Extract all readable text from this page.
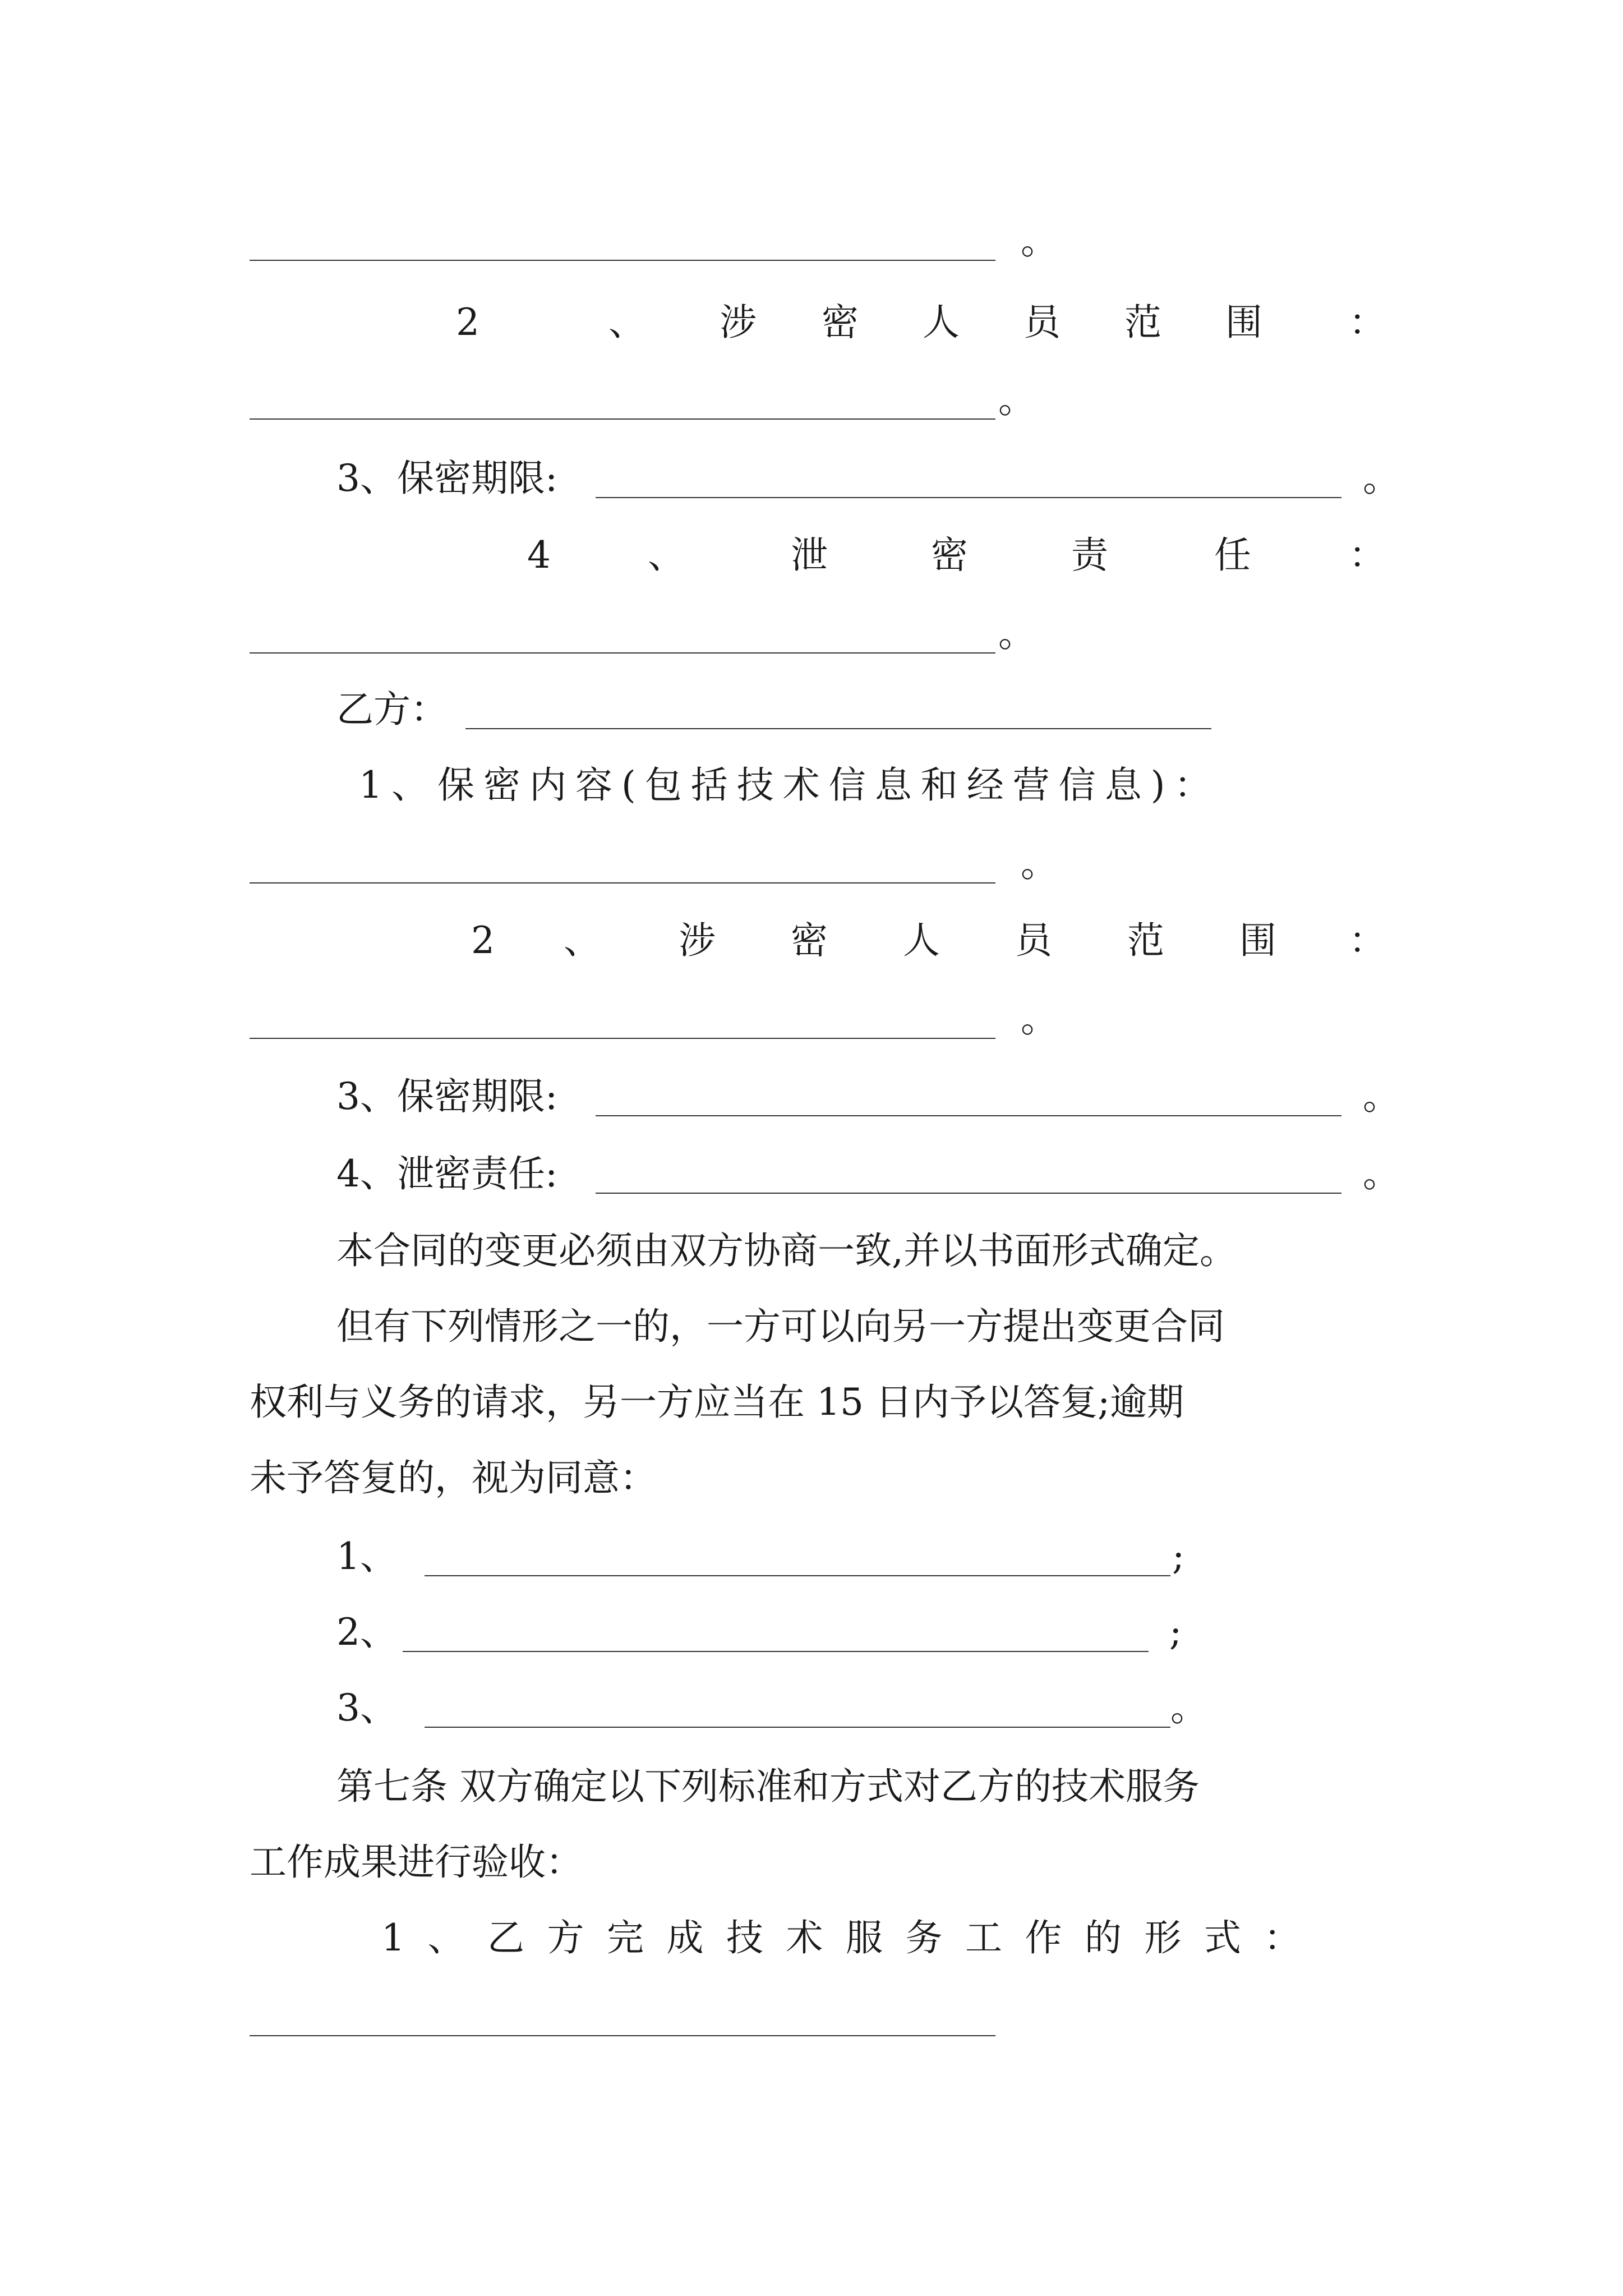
。
2	、 涉 密 人 员 范 围 ：
。
3、保密期限:	。
4	、	泄	密	责	任	：
。
乙方：
1、保密内容(包括技术信息和经营信息)：
。
2 、 涉 密 人 员 范 围 ：
。
3、保密期限:	。
4、泄密责任:	。
本合同的变更必须由双方协商一致,并以书面形式确定。
但有下列情形之一的，一方可以向另一方提出变更合同
权利与义务的请求，另一方应当在 15 日内予以答复;逾期
未予答复的，视为同意：
1、	;
2、	;
3、	。
第七条 双方确定以下列标准和方式对乙方的技术服务
工作成果进行验收：
1、乙方完成技术服务工作的形式：
